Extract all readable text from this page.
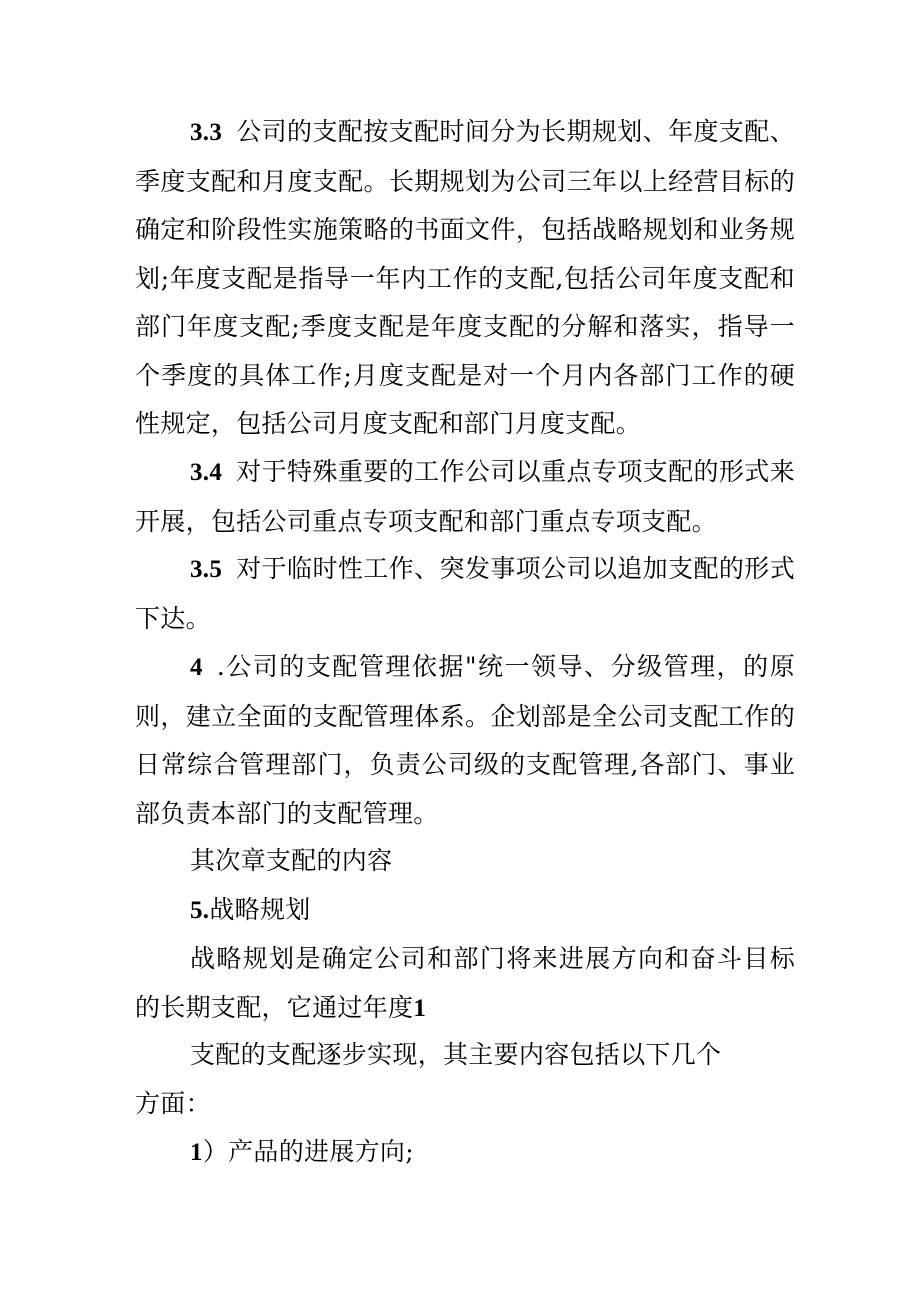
3.3 公司的支配按支配时间分为长期规划、年度支配、季度支配和月度支配。长期规划为公司三年以上经营目标的确定和阶段性实施策略的书面文件，包括战略规划和业务规划;年度支配是指导一年内工作的支配,包括公司年度支配和部门年度支配;季度支配是年度支配的分解和落实，指导一个季度的具体工作;月度支配是对一个月内各部门工作的硬性规定，包括公司月度支配和部门月度支配。

3.4 对于特殊重要的工作公司以重点专项支配的形式来开展，包括公司重点专项支配和部门重点专项支配。

3.5 对于临时性工作、突发事项公司以追加支配的形式下达。

4 .公司的支配管理依据"统一领导、分级管理，的原则，建立全面的支配管理体系。企划部是全公司支配工作的日常综合管理部门，负责公司级的支配管理,各部门、事业部负责本部门的支配管理。

其次章支配的内容

5.战略规划

战略规划是确定公司和部门将来进展方向和奋斗目标的长期支配，它通过年度1

支配的支配逐步实现，其主要内容包括以下几个

方面：

1）产品的进展方向;
